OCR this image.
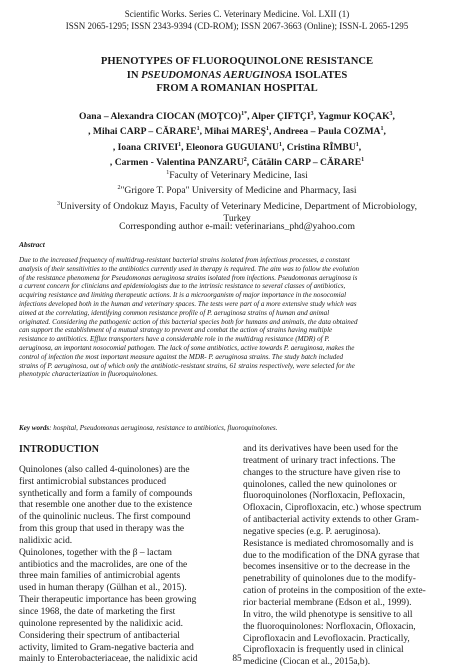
Scientific Works. Series C. Veterinary Medicine. Vol. LXII (1)
ISSN 2065-1295; ISSN 2343-9394 (CD-ROM); ISSN 2067-3663 (Online); ISSN-L 2065-1295
PHENOTYPES OF FLUOROQUINOLONE RESISTANCE
IN PSEUDOMONAS AERUGINOSA ISOLATES
FROM A ROMANIAN HOSPITAL
Oana – Alexandra CIOCAN (MOŢCO)$^{1*}$, Alper ÇIFTÇI$^3$, Yagmur KOÇAK$^3$,
, Mihai CARP – CĂRARE$^1$, Mihai MAREŞ$^1$, Andreea – Paula COZMA$^1$,
, Ioana CRIVEI$^1$, Eleonora GUGUIANU$^1$, Cristina RÎMBU$^1$,
, Carmen - Valentina PANZARU$^2$, Cătălin CARP – CĂRARE$^1$
$^1$Faculty of Veterinary Medicine, Iasi
$^2$"Grigore T. Popa" University of Medicine and Pharmacy, Iasi
$^3$University of Ondokuz Mayıs, Faculty of Veterinary Medicine, Department of Microbiology,
Turkey
Corresponding author e-mail: veterinarians_phd@yahoo.com
Abstract
Due to the increased frequency of multidrug-resistant bacterial strains isolated from infectious processes, a constant
analysis of their sensitivities to the antibiotics currently used in therapy is required. The aim was to follow the evolution
of the resistance phenomena for Pseudomonas aeruginosa strains isolated from infections. Pseudomonas aeruginosa is
a current concern for clinicians and epidemiologists due to the intrinsic resistance to several classes of antibiotics,
acquiring resistance and limiting therapeutic actions. It is a microorganism of major importance in the nosocomial
infections developed both in the human and veterinary spaces. The tests were part of a more extensive study which was
aimed at the correlating, identifying common resistance profile of P. aeruginosa strains of human and animal
originated. Considering the pathogenic action of this bacterial species both for humans and animals, the data obtained
can support the establishment of a mutual strategy to prevent and combat the action of strains having multiple
resistance to antibiotics. Efflux transporters have a considerable role in the multidrug resistance (MDR) of P.
aeruginosa, an important nosocomial pathogen. The lack of some antibiotics, active towards P. aeruginosa, makes the
control of infection the most important measure against the MDR- P. aeruginosa strains. The study batch included
strains of P. aeruginosa, out of which only the antibiotic-resistant strains, 61 strains respectively, were selected for the
phenotypic characterization in fluoroquinolones.
Key words: hospital, Pseudomonas aeruginosa, resistance to antibiotics, fluoroquinolones.
INTRODUCTION
Quinolones (also called 4-quinolones) are the
first antimicrobial substances produced
synthetically and form a family of compounds
that resemble one another due to the existence
of the quinolinic nucleus. The first compound
from this group that used in therapy was the
nalidixic acid.
Quinolones, together with the β – lactam
antibiotics and the macrolides, are one of the
three main families of antimicrobial agents
used in human therapy (Gülhan et al., 2015).
Their therapeutic importance has been growing
since 1968, the date of marketing the first
quinolone represented by the nalidixic acid.
Considering their spectrum of antibacterial
activity, limited to Gram-negative bacteria and
mainly to Enterobacteriaceae, the nalidixic acid
and its derivatives have been used for the
treatment of urinary tract infections. The
changes to the structure have given rise to
quinolones, called the new quinolones or
fluoroquinolones (Norfloxacin, Pefloxacin,
Ofloxacin, Ciprofloxacin, etc.) whose spectrum
of antibacterial activity extends to other Gram-
negative species (e.g. P. aeruginosa).
Resistance is mediated chromosomally and is
due to the modification of the DNA gyrase that
becomes insensitive or to the decrease in the
penetrability of quinolones due to the modify-
cation of proteins in the composition of the exte-
rior bacterial membrane (Edson et al., 1999).
In vitro, the wild phenotype is sensitive to all
the fluoroquinolones: Norfloxacin, Ofloxacin,
Ciprofloxacin and Levofloxacin. Practically,
Ciprofloxacin is frequently used in clinical
medicine (Ciocan et al., 2015a,b).
85
